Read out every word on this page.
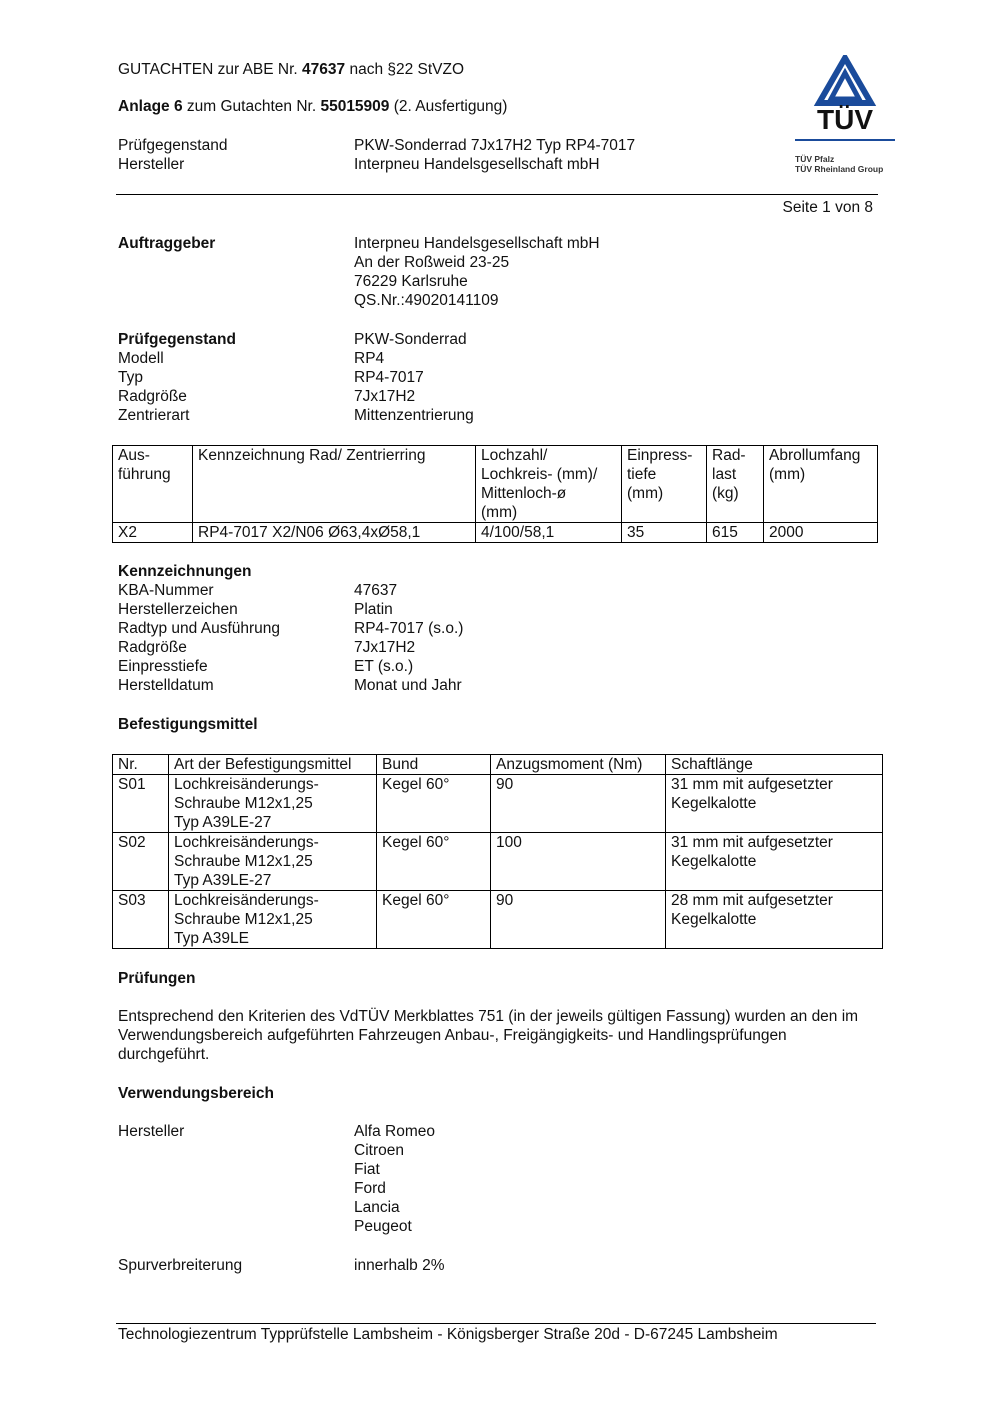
GUTACHTEN zur ABE Nr. 47637 nach §22 StVZO
Anlage 6 zum Gutachten Nr. 55015909 (2. Ausfertigung)
Prüfgegenstand	PKW-Sonderrad 7Jx17H2 Typ RP4-7017
Hersteller	Interpneu Handelsgesellschaft mbH
TÜV
TÜV Pfalz
TÜV Rheinland Group
Seite 1 von 8
Auftraggeber	Interpneu Handelsgesellschaft mbH
An der Roßweid 23-25
76229 Karlsruhe
QS.Nr.:49020141109
Prüfgegenstand	PKW-Sonderrad
Modell	RP4
Typ	RP4-7017
Radgröße	7Jx17H2
Zentrierart	Mittenzentrierung
Aus-
führung	Kennzeichnung Rad/ Zentrierring	Lochzahl/
Lochkreis- (mm)/
Mittenloch-ø
(mm)	Einpress-
tiefe
(mm)	Rad-
last
(kg)	Abrollumfang
(mm)
X2	RP4-7017 X2/N06 Ø63,4xØ58,1	4/100/58,1	35	615	2000
Kennzeichnungen
KBA-Nummer	47637
Herstellerzeichen	Platin
Radtyp und Ausführung	RP4-7017 (s.o.)
Radgröße	7Jx17H2
Einpresstiefe	ET (s.o.)
Herstelldatum	Monat und Jahr
Befestigungsmittel
Nr.	Art der Befestigungsmittel	Bund	Anzugsmoment (Nm)	Schaftlänge
S01	Lochkreisänderungs-
Schraube M12x1,25
Typ A39LE-27	Kegel 60°	90	31 mm mit aufgesetzter
Kegelkalotte
S02	Lochkreisänderungs-
Schraube M12x1,25
Typ A39LE-27	Kegel 60°	100	31 mm mit aufgesetzter
Kegelkalotte
S03	Lochkreisänderungs-
Schraube M12x1,25
Typ A39LE	Kegel 60°	90	28 mm mit aufgesetzter
Kegelkalotte
Prüfungen
Entsprechend den Kriterien des VdTÜV Merkblattes 751 (in der jeweils gültigen Fassung) wurden an den im Verwendungsbereich aufgeführten Fahrzeugen Anbau-, Freigängigkeits- und Handlingsprüfungen durchgeführt.
Verwendungsbereich
Hersteller	Alfa Romeo
Citroen
Fiat
Ford
Lancia
Peugeot
Spurverbreiterung	innerhalb 2%
Technologiezentrum Typprüfstelle Lambsheim - Königsberger Straße 20d - D-67245 Lambsheim
